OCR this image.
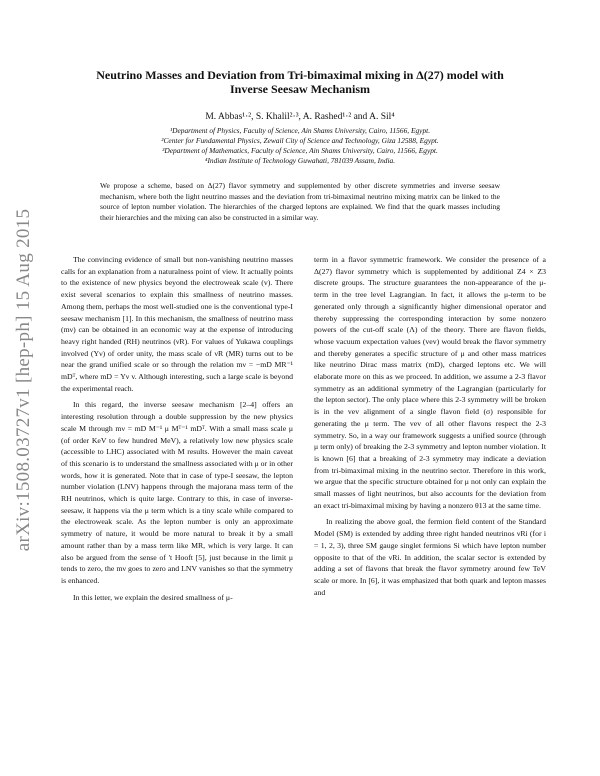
arXiv:1508.03727v1 [hep-ph] 15 Aug 2015
Neutrino Masses and Deviation from Tri-bimaximal mixing in Δ(27) model with
Inverse Seesaw Mechanism
M. Abbas¹·², S. Khalil²·³, A. Rashed¹·² and A. Sil⁴
¹Department of Physics, Faculty of Science, Ain Shams University, Cairo, 11566, Egypt.
²Center for Fundamental Physics, Zewail City of Science and Technology, Giza 12588, Egypt.
³Department of Mathematics, Faculty of Science, Ain Shams University, Cairo, 11566, Egypt.
⁴Indian Institute of Technology Guwahati, 781039 Assam, India.
We propose a scheme, based on Δ(27) flavor symmetry and supplemented by other discrete symmetries and inverse seesaw mechanism, where both the light neutrino masses and the deviation from tri-bimaximal neutrino mixing matrix can be linked to the source of lepton number violation. The hierarchies of the charged leptons are explained. We find that the quark masses including their hierarchies and the mixing can also be constructed in a similar way.

The convincing evidence of small but non-vanishing neutrino masses calls for an explanation from a naturalness point of view. It actually points to the existence of new physics beyond the electroweak scale (v). There exist several scenarios to explain this smallness of neutrino masses. Among them, perhaps the most well-studied one is the conventional type-I seesaw mechanism [1]. In this mechanism, the smallness of neutrino mass (mν) can be obtained in an economic way at the expense of introducing heavy right handed (RH) neutrinos (νR). For values of Yukawa couplings involved (Yν) of order unity, the mass scale of νR (MR) turns out to be near the grand unified scale or so through the relation mν = −mD MR⁻¹ mDᵀ, where mD = Yν v. Although interesting, such a large scale is beyond the experimental reach.

In this regard, the inverse seesaw mechanism [2–4] offers an interesting resolution through a double suppression by the new physics scale M through mν = mD M⁻¹ μ Mᵀ⁻¹ mDᵀ. With a small mass scale μ (of order KeV to few hundred MeV), a relatively low new physics scale (accessible to LHC) associated with M results. However the main caveat of this scenario is to understand the smallness associated with μ or in other words, how it is generated. Note that in case of type-I seesaw, the lepton number violation (LNV) happens through the majorana mass term of the RH neutrinos, which is quite large. Contrary to this, in case of inverse-seesaw, it happens via the μ term which is a tiny scale while compared to the electroweak scale. As the lepton number is only an approximate symmetry of nature, it would be more natural to break it by a small amount rather than by a mass term like MR, which is very large. It can also be argued from the sense of 't Hooft [5], just because in the limit μ tends to zero, the mν goes to zero and LNV vanishes so that the symmetry is enhanced.

In this letter, we explain the desired smallness of μ-

term in a flavor symmetric framework. We consider the presence of a Δ(27) flavor symmetry which is supplemented by additional Z4 × Z3 discrete groups. The structure guarantees the non-appearance of the μ-term in the tree level Lagrangian. In fact, it allows the μ-term to be generated only through a significantly higher dimensional operator and thereby suppressing the corresponding interaction by some nonzero powers of the cut-off scale (Λ) of the theory. There are flavon fields, whose vacuum expectation values (vev) would break the flavor symmetry and thereby generates a specific structure of μ and other mass matrices like neutrino Dirac mass matrix (mD), charged leptons etc. We will elaborate more on this as we proceed. In addition, we assume a 2-3 flavor symmetry as an additional symmetry of the Lagrangian (particularly for the lepton sector). The only place where this 2-3 symmetry will be broken is in the vev alignment of a single flavon field (σ) responsible for generating the μ term. The vev of all other flavons respect the 2-3 symmetry. So, in a way our framework suggests a unified source (through μ term only) of breaking the 2-3 symmetry and lepton number violation. It is known [6] that a breaking of 2-3 symmetry may indicate a deviation from tri-bimaximal mixing in the neutrino sector. Therefore in this work, we argue that the specific structure obtained for μ not only can explain the small masses of light neutrinos, but also accounts for the deviation from an exact tri-bimaximal mixing by having a nonzero θ13 at the same time.

In realizing the above goal, the fermion field content of the Standard Model (SM) is extended by adding three right handed neutrinos νRi (for i = 1, 2, 3), three SM gauge singlet fermions Si which have lepton number opposite to that of the νRi. In addition, the scalar sector is extended by adding a set of flavons that break the flavor symmetry around few TeV scale or more. In [6], it was emphasized that both quark and lepton masses and
